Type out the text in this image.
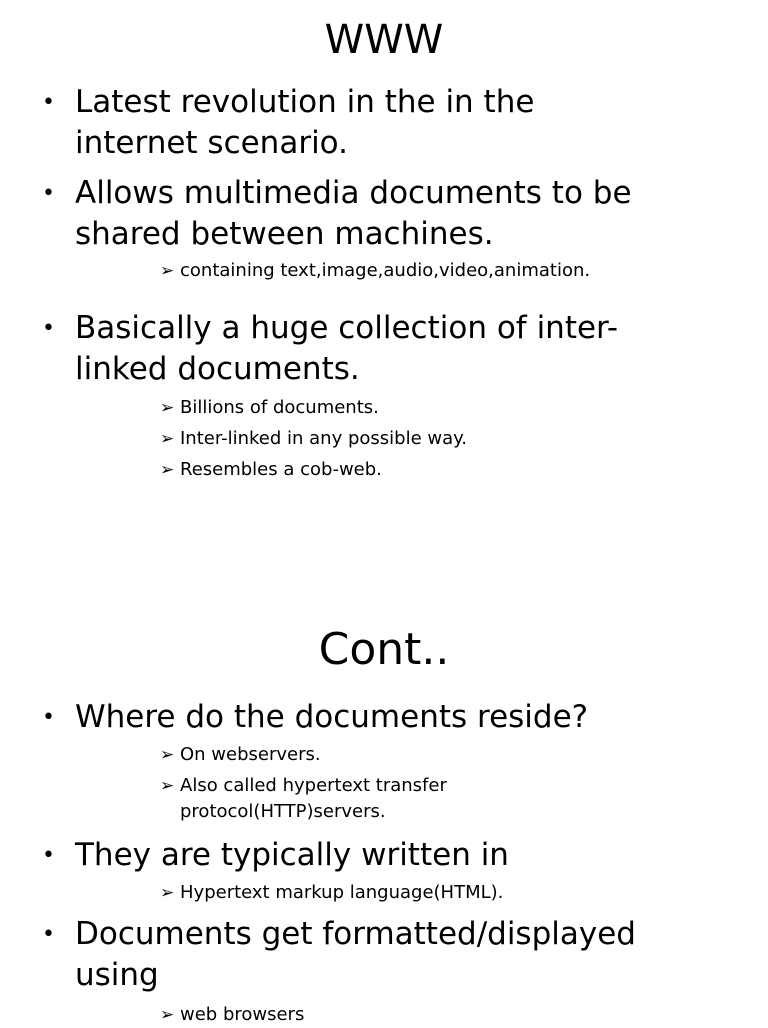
WWW
• Latest revolution in the in the
internet scenario.
• Allows multimedia documents to be
shared between machines.
➢ containing text,image,audio,video,animation.
• Basically a huge collection of inter-
linked documents.
➢ Billions of documents.
➢ Inter-linked in any possible way.
➢ Resembles a cob-web.
Cont..
• Where do the documents reside?
➢ On webservers.
➢ Also called hypertext transfer
protocol(HTTP)servers.
• They are typically written in
➢ Hypertext markup language(HTML).
• Documents get formatted/displayed
using
➢ web browsers
